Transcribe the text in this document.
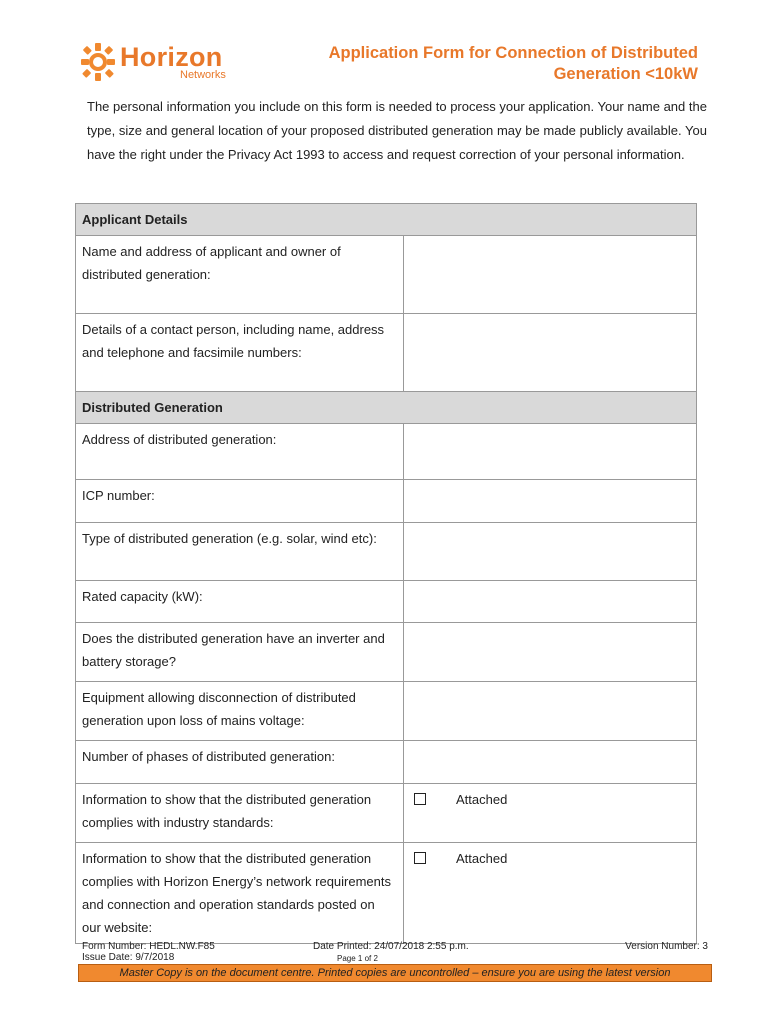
Horizon
Networks
Application Form for Connection of Distributed
Generation <10kW
The personal information you include on this form is needed to process your application. Your name and the type, size and general location of your proposed distributed generation may be made publicly available. You have the right under the Privacy Act 1993 to access and request correction of your personal information.
Applicant Details	
Name and address of applicant and owner of distributed generation:	
Details of a contact person, including name, address and telephone and facsimile numbers:	
Distributed Generation	
Address of distributed generation:	
ICP number:	
Type of distributed generation (e.g. solar, wind etc):	
Rated capacity (kW):	
Does the distributed generation have an inverter and battery storage?	
Equipment allowing disconnection of distributed generation upon loss of mains voltage:	
Number of phases of distributed generation:	
Information to show that the distributed generation complies with industry standards:	Attached

Information to show that the distributed generation complies with Horizon Energy’s network requirements and connection and operation standards posted on our website:	Attached
Form Number: HEDL.NW.F85
Issue Date: 9/7/2018
Date Printed: 24/07/2018 2:55 p.m.
Page 1 of 2
Version Number: 3
Master Copy is on the document centre. Printed copies are uncontrolled – ensure you are using the latest version
